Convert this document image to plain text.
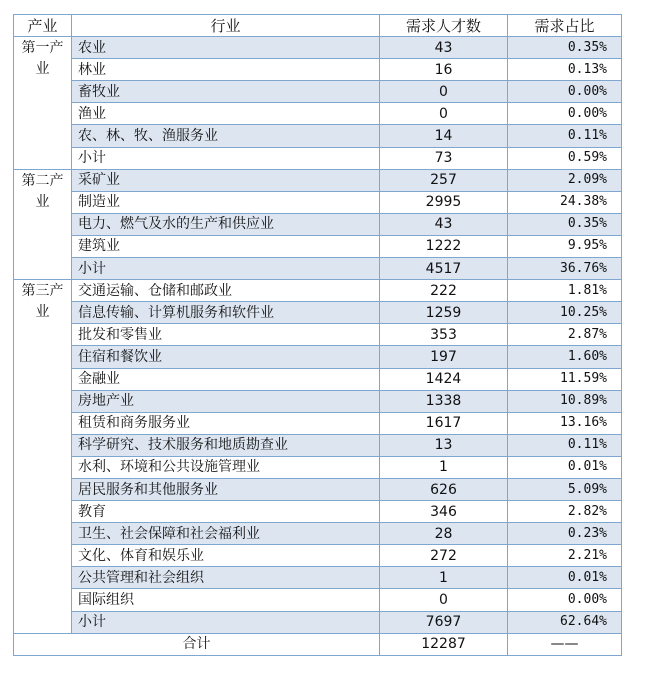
产业	行业	需求人才数	需求占比
第一产业	农业	43	0.35%
	林业	16	0.13%
	畜牧业	0	0.00%
	渔业	0	0.00%
	农、林、牧、渔服务业	14	0.11%
	小计	73	0.59%
第二产业	采矿业	257	2.09%
	制造业	2995	24.38%
	电力、燃气及水的生产和供应业	43	0.35%
	建筑业	1222	9.95%
	小计	4517	36.76%
第三产业	交通运输、仓储和邮政业	222	1.81%
	信息传输、计算机服务和软件业	1259	10.25%
	批发和零售业	353	2.87%
	住宿和餐饮业	197	1.60%
	金融业	1424	11.59%
	房地产业	1338	10.89%
	租赁和商务服务业	1617	13.16%
	科学研究、技术服务和地质勘查业	13	0.11%
	水利、环境和公共设施管理业	1	0.01%
	居民服务和其他服务业	626	5.09%
	教育	346	2.82%
	卫生、社会保障和社会福利业	28	0.23%
	文化、体育和娱乐业	272	2.21%
	公共管理和社会组织	1	0.01%
	国际组织	0	0.00%
	小计	7697	62.64%
合计		12287	——
